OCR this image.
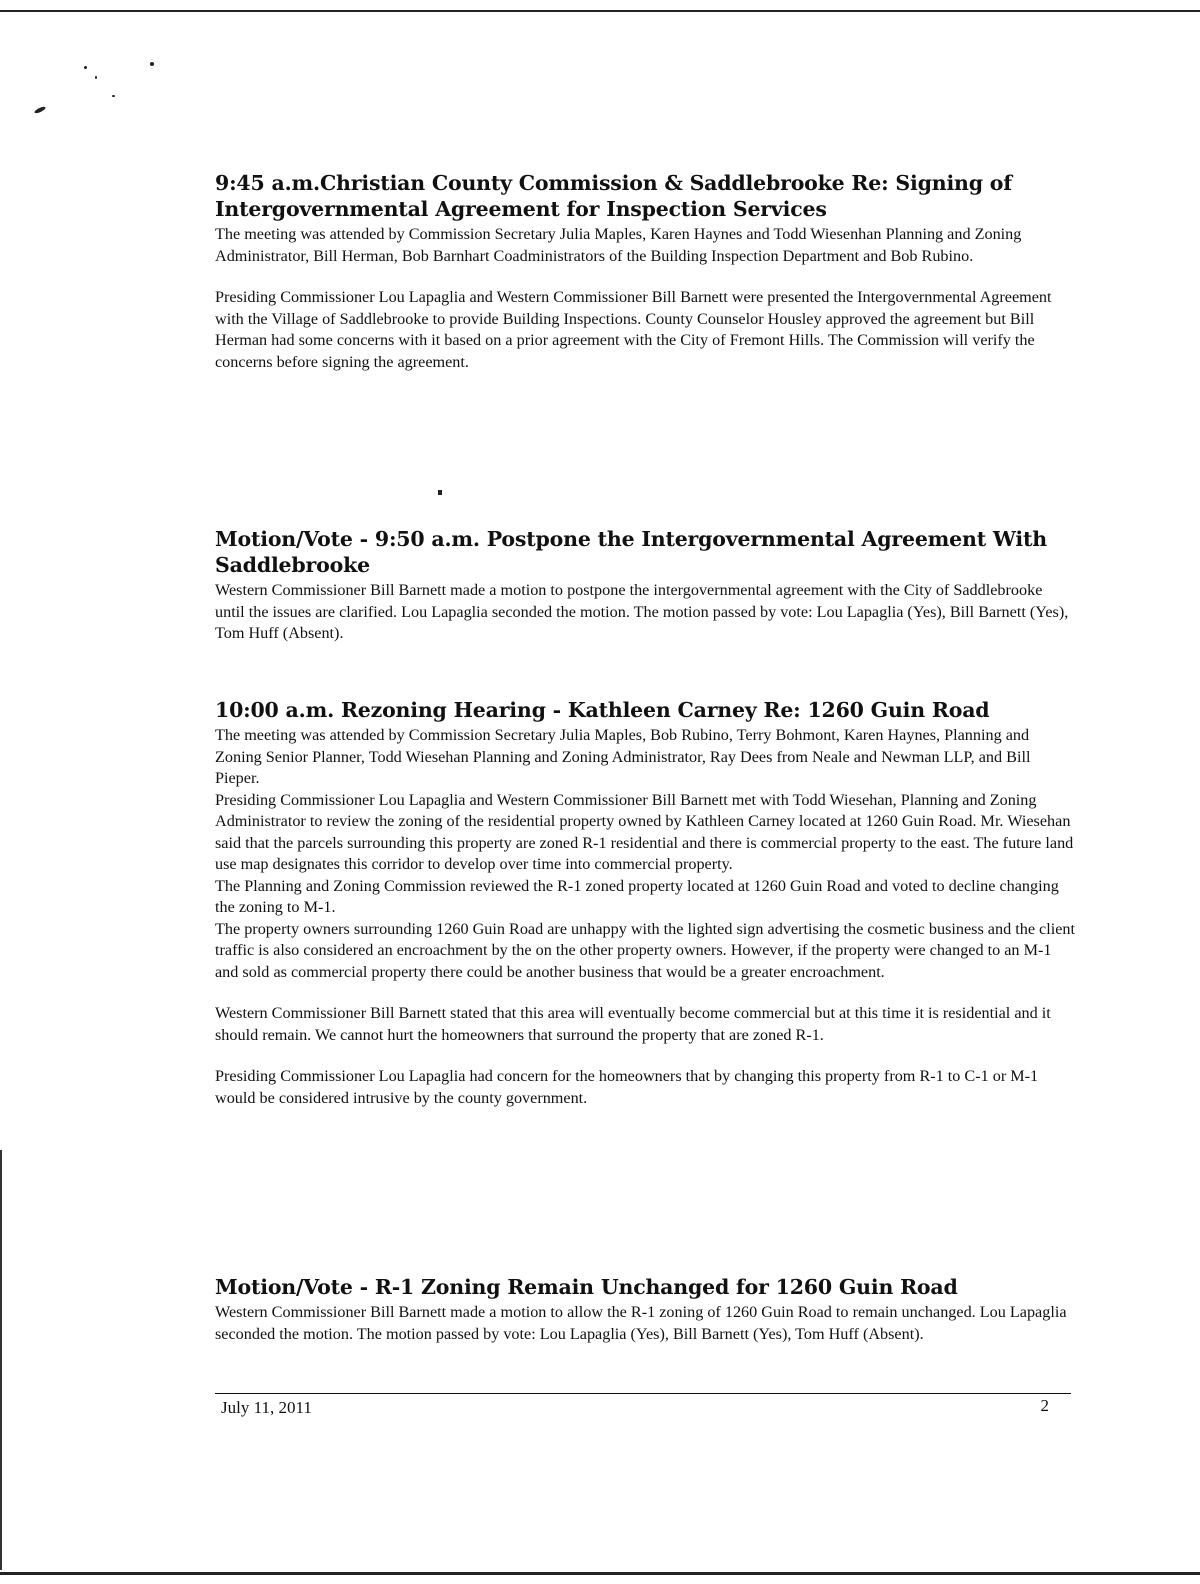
9:45 a.m.Christian County Commission & Saddlebrooke Re: Signing of Intergovernmental Agreement for Inspection Services

The meeting was attended by Commission Secretary Julia Maples, Karen Haynes and Todd Wiesenhan Planning and Zoning Administrator, Bill Herman, Bob Barnhart Coadministrators of the Building Inspection Department and Bob Rubino.

Presiding Commissioner Lou Lapaglia and Western Commissioner Bill Barnett were presented the Intergovernmental Agreement with the Village of Saddlebrooke to provide Building Inspections. County Counselor Housley approved the agreement but Bill Herman had some concerns with it based on a prior agreement with the City of Fremont Hills. The Commission will verify the concerns before signing the agreement.

Motion/Vote - 9:50 a.m. Postpone the Intergovernmental Agreement With Saddlebrooke

Western Commissioner Bill Barnett made a motion to postpone the intergovernmental agreement with the City of Saddlebrooke until the issues are clarified. Lou Lapaglia seconded the motion. The motion passed by vote: Lou Lapaglia (Yes), Bill Barnett (Yes), Tom Huff (Absent).

10:00 a.m. Rezoning Hearing - Kathleen Carney Re: 1260 Guin Road

The meeting was attended by Commission Secretary Julia Maples, Bob Rubino, Terry Bohmont, Karen Haynes, Planning and Zoning Senior Planner, Todd Wiesehan Planning and Zoning Administrator, Ray Dees from Neale and Newman LLP, and Bill Pieper.

Presiding Commissioner Lou Lapaglia and Western Commissioner Bill Barnett met with Todd Wiesehan, Planning and Zoning Administrator to review the zoning of the residential property owned by Kathleen Carney located at 1260 Guin Road. Mr. Wiesehan said that the parcels surrounding this property are zoned R-1 residential and there is commercial property to the east. The future land use map designates this corridor to develop over time into commercial property.

The Planning and Zoning Commission reviewed the R-1 zoned property located at 1260 Guin Road and voted to decline changing the zoning to M-1.

The property owners surrounding 1260 Guin Road are unhappy with the lighted sign advertising the cosmetic business and the client traffic is also considered an encroachment by the on the other property owners. However, if the property were changed to an M-1 and sold as commercial property there could be another business that would be a greater encroachment.

Western Commissioner Bill Barnett stated that this area will eventually become commercial but at this time it is residential and it should remain. We cannot hurt the homeowners that surround the property that are zoned R-1.

Presiding Commissioner Lou Lapaglia had concern for the homeowners that by changing this property from R-1 to C-1 or M-1 would be considered intrusive by the county government.

Motion/Vote - R-1 Zoning Remain Unchanged for 1260 Guin Road

Western Commissioner Bill Barnett made a motion to allow the R-1 zoning of 1260 Guin Road to remain unchanged. Lou Lapaglia seconded the motion. The motion passed by vote: Lou Lapaglia (Yes), Bill Barnett (Yes), Tom Huff (Absent).

July 11, 2011	2
